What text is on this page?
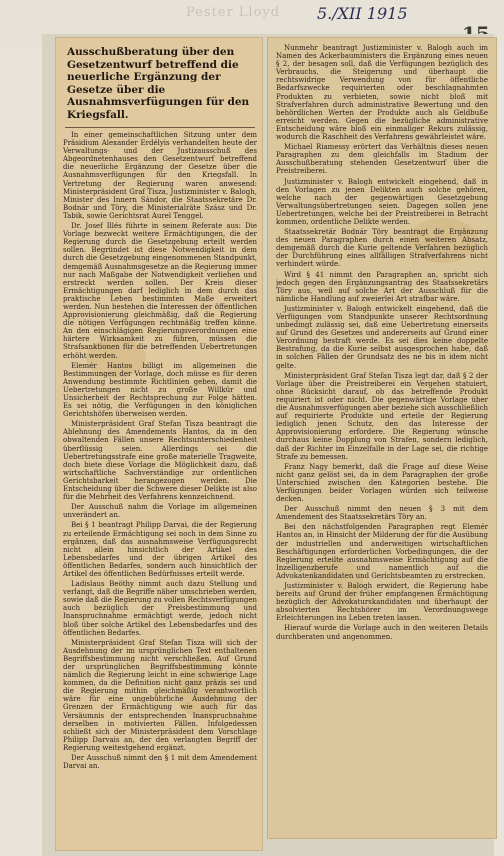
Pester Lloyd 5./XII 1915
Ausschußberatung über den Gesetzentwurf betreffend die neuerliche Ergänzung der Gesetze über die Ausnahmsverfügungen für den Kriegsfall.

In einer gemeinschaftlichen Sitzung unter dem Präsidium Alexander Erdélyis verhandelten heute der Verwaltungs- und der Justizausschuß des Abgeordnetenhauses den Gesetzentwurf betreffend die neuerliche Ergänzung der Gesetze über die Ausnahmsverfügungen für den Kriegsfall. In Vertretung der Regierung waren anwesend: Ministerpräsident Graf Tisza, Justizminister v. Balogh, Minister des Innern Sándor, die Staatssekretäre Dr. Bodnár und Töry, die Ministerialräte Szász und Dr. Tabik, sowie Gerichtsrat Aurel Tenggel.

Dr. Josef Illés führte in seinem Referate aus: Die Vorlage bezweckt weitere Ermächtigungen, die der Regierung durch die Gesetzgebung erteilt werden sollen. Begründet ist diese Notwendigkeit in dem durch die Gesetzgebung eingenommenen Standpunkt, demgemäß Ausnahmsgesetze an die Regierung immer nur nach Maßgabe der Notwendigkeit verliehen und erstreckt werden sollen. Der Kreis dieser Ermächtigungen darf lediglich in dem durch das praktische Leben bestimmten Maße erweitert werden. Nun bestehen die Interessen der öffentlichen Approvisionierung gleichmäßig, daß die Regierung die nötigen Verfügungen rechtmäßig treffen könne. An den einschlägigen Regierungsverordnungen eine härtere Wirksamkeit zu führen, müssen die Strafsanktionen für die betreffenden Uebertretungen erhöht werden.

Elemér Hantos billigt im allgemeinen die Bestimmungen der Vorlage, doch müsse es für deren Anwendung bestimmte Richtlinien geben, damit die Uebertretungen nicht zu große Willkür und Unsicherheit der Rechtsprechung zur Folge hätten. Es sei nötig, die Verfügungen in den königlichen Gerichtshöfen überweisen werden.

Ministerpräsident Graf Stefan Tisza beantragt die Ablehnung des Amendements Hantos, da in den obwaltenden Fällen unsere Rechtsunterschiedenheit überflüssig seien. Allerdings sei die Uebertretungsstrafe eine große materielle Tragweite, doch biete diese Vorlage die Möglichkeit dazu, daß wirtschaftliche Sachverständige zur ordentlichen Gerichtsbarkeit herangezogen werden. Die Entscheidung über die Schwere dieser Delikte ist also für die Mehrheit des Verfahrens kennzeichnend.

Der Ausschuß nahm die Vorlage im allgemeinen unverändert an.

Bei § 1 beantragt Philipp Darvai, die der Regierung zu erteilende Ermächtigung sei noch in dem Sinne zu ergänzen, daß das ausnahmsweise Verfügungsrecht nicht allein hinsichtlich der Artikel des Lebensbedarfes und der übrigen Artikel des öffentlichen Bedarfes, sondern auch hinsichtlich der Artikel des öffentlichen Bedürfnisses erteilt werde.

Ladislaus Beöthy nimmt auch dazu Stellung und verlangt, daß die Begriffe näher umschrieben werden, sowie daß die Regierung zu vollen Rechtsverfügungen auch bezüglich der Preisbestimmung und Inanspruchnahme ermächtigt werde, jedoch nicht bloß über solche Artikel des Lebensbedarfes und des öffentlichen Bedarfes.

Ministerpräsident Graf Stefan Tisza will sich der Ausdehnung der im ursprünglichen Text enthaltenen Begriffsbestimmung nicht verschließen. Auf Grund der ursprünglichen Begriffsbestimmung könnte nämlich die Regierung leicht in eine schwierige Lage kommen, da die Definition nicht ganz präzis sei und die Regierung mithin gleichmäßig verantwortlich wäre für eine ungebührliche Ausdehnung der Grenzen der Ermächtigung wie auch für das Versäumnis der entsprechenden Inanspruchnahme derselben in motivierten Fällen. Infolgedessen schließt sich der Ministerpräsident dem Vorschlage Philipp Darvais an, der den verlangten Begriff der Regierung weitestgehend ergänzt.

Der Ausschuß nimmt den § 1 mit dem Amendement Darvai an.

Nunmehr beantragt Justizminister v. Balogh auch im Namen des Ackerbauministers die Ergänzung eines neuen § 2, der besagen soll, daß die Verfügungen bezüglich des Verbrauchs, die Steigerung und überhaupt die rechtswidrige Verwendung von für öffentliche Bedarfszwecke requirierten oder beschlagnahmten Produkten zu verbieten, sowie nicht bloß mit Strafverfahren durch administrative Bewertung und den behördlichen Werten der Produkte auch als Geldbuße erreicht werden. Gegen die bezügliche administrative Entscheidung wäre bloß ein einmaliger Rekurs zulässig, wodurch die Raschheit des Verfahrens gewährleistet wäre.

Michael Riamessy erörtert das Verhältnis dieses neuen Paragraphen zu dem gleichfalls im Stadium der Ausschußberatung stehenden Gesetzentwurf über die Preistreiberei.

Justizminister v. Balogh entwickelt eingehend, daß in den Vorlagen zu jenen Delikten auch solche gehören, welche nach der gegenwärtigen Gesetzgebung Verwaltungsübertretungen seien. Dagegen sollen jene Uebertretungen, welche bei der Preistreiberei in Betracht kommen, ordentliche Delikte werden.

Staatssekretär Bodnár Töry beantragt die Ergänzung des neuen Paragraphen durch einen weiteren Absatz, demgemäß durch die Kurie geltende Verfahren bezüglich der Durchführung eines allfälligen Strafverfahrens nicht verhindert würde.

Wird § 41 nimmt den Paragraphen an, spricht sich jedoch gegen den Ergänzungsantrag des Staatssekretärs Töry aus, weil auf solche Art der Ausschluß für die nämliche Handlung auf zweierlei Art strafbar wäre.

Justizminister v. Balogh entwickelt eingehend, daß die Verfügungen vom Standpunkte unserer Rechtsordnung unbedingt zulässig sei, daß eine Uebertretung einerseits auf Grund des Gesetzes und andererseits auf Grund einer Verordnung bestraft werde. Es sei dies keine doppelte Bestrafung, da die Kurie selbst ausgesprochen habe, daß in solchen Fällen der Grundsatz des ne bis in idem nicht gelte.

Ministerpräsident Graf Stefan Tisza legt dar, daß § 2 der Vorlage über die Preistreiberei ein Vergehen statuiert, ohne Rücksicht darauf, ob das betreffende Produkt requiriert ist oder nicht. Die gegenwärtige Vorlage über die Ausnahmsverfügungen aber beziehe sich ausschließlich auf requirierte Produkte und erteile der Regierung lediglich jenen Schutz, den das Interesse der Approvisionierung erfordere. Die Regierung wünsche durchaus keine Dopplung von Strafen, sondern lediglich, daß der Richter im Einzelfalle in der Lage sei, die richtige Strafe zu bemessen.

Franz Nagy bemerkt, daß die Frage auf diese Weise nicht ganz gelöst sei, da in dem Paragraphen der große Unterschied zwischen den Kategorien bestehe. Die Verfügungen beider Vorlagen würden sich teilweise decken.

Der Ausschuß nimmt den neuen § 3 mit dem Amendement des Staatssekretärs Töry an.

Bei den nächstfolgenden Paragraphen regt Elemér Hantos an, in Hinsicht der Milderung der für die Ausübung der industriellen und anderweitigen wirtschaftlichen Beschäftigungen erforderlichen Vorbedingungen, die der Regierung erteilte ausnahmsweise Ermächtigung auf die Inzelligenzberufe und namentlich auf die Advokatenkandidaten und Gerichtsbeamten zu erstrecken.

Justizminister v. Balogh erwidert, die Regierung habe bereits auf Grund der früher empfangenen Ermächtigung bezüglich der Advokaturskandidaten und überhaupt der absolvierten Rechtshörer im Verordnungswege Erleichterungen ins Leben treten lassen.

Hierauf wurde die Vorlage auch in den weiteren Details durchberaten und angenommen.
